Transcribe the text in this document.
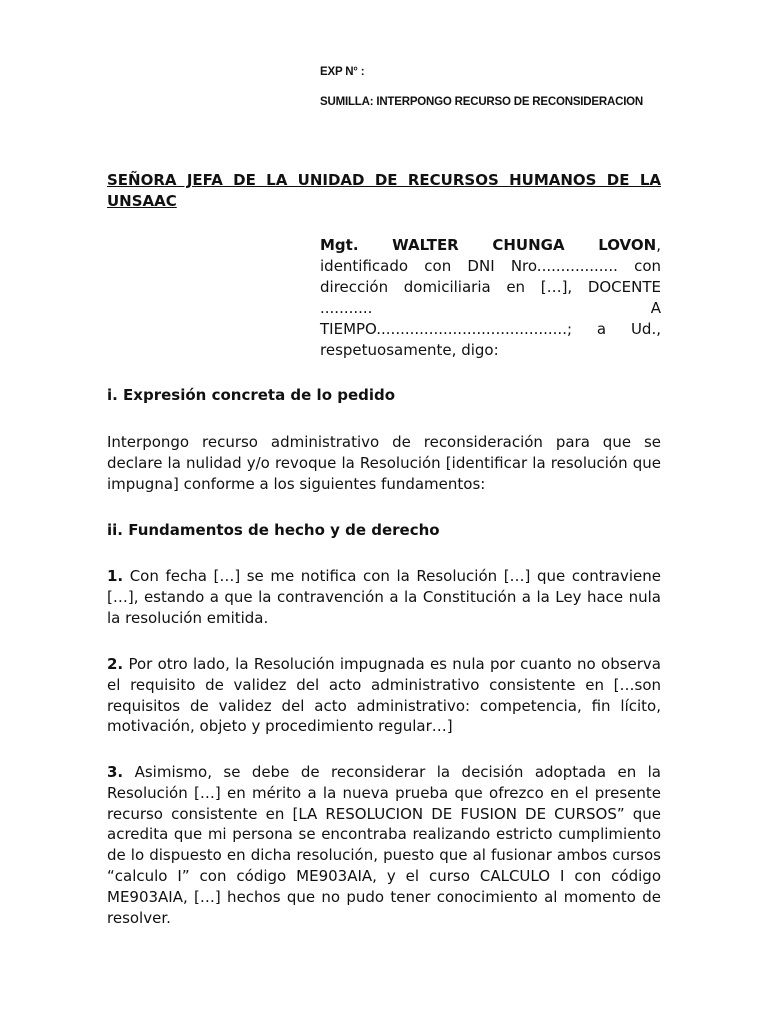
EXP N° :
SUMILLA: INTERPONGO RECURSO DE RECONSIDERACION
SEÑORA JEFA DE LA UNIDAD DE RECURSOS HUMANOS DE LA UNSAAC
Mgt.    WALTER    CHUNGA    LOVON,
identificado con DNI Nro................. con
dirección domiciliaria en […], DOCENTE
........... A
TIEMPO........................................; a Ud.,
respetuosamente, digo:
i. Expresión concreta de lo pedido
Interpongo recurso administrativo de reconsideración para que se declare la nulidad y/o revoque la Resolución [identificar la resolución que impugna] conforme a los siguientes fundamentos:
ii. Fundamentos de hecho y de derecho
1. Con fecha […] se me notifica con la Resolución […] que contraviene […], estando a que la contravención a la Constitución a la Ley hace nula la resolución emitida.
2. Por otro lado, la Resolución impugnada es nula por cuanto no observa el requisito de validez del acto administrativo consistente en […son requisitos de validez del acto administrativo: competencia, fin lícito, motivación, objeto y procedimiento regular…]
3. Asimismo, se debe de reconsiderar la decisión adoptada en la Resolución […] en mérito a la nueva prueba que ofrezco en el presente recurso consistente en [LA RESOLUCION DE FUSION DE CURSOS” que acredita que mi persona se encontraba realizando estricto cumplimiento de lo dispuesto en dicha resolución, puesto que al fusionar ambos cursos “calculo I” con código ME903AIA, y el curso CALCULO I con código ME903AIA, […] hechos que no pudo tener conocimiento al momento de resolver.
